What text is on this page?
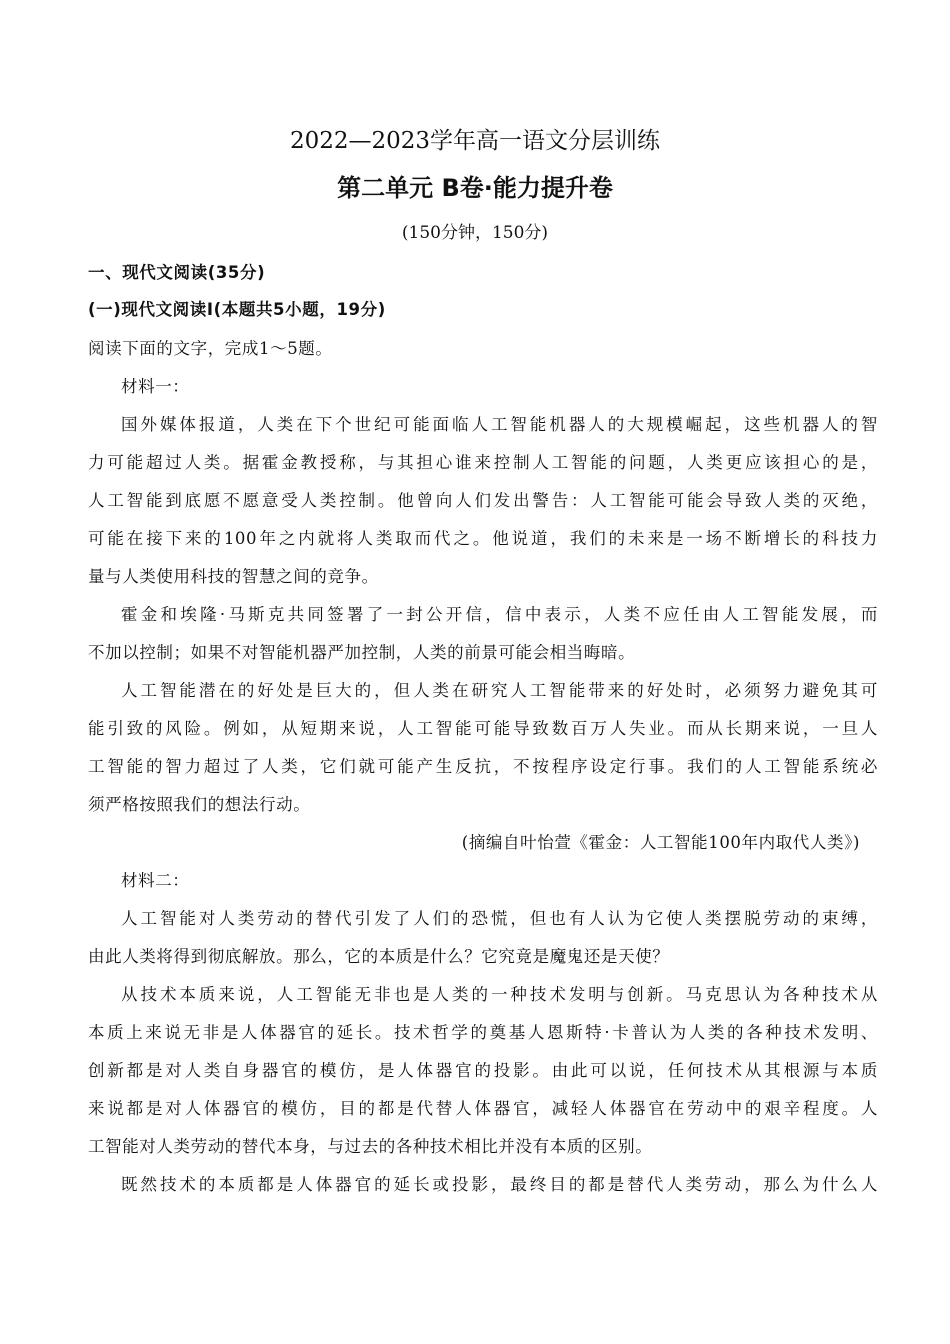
2022—2023学年高一语文分层训练
第二单元 B卷·能力提升卷
(150分钟，150分)
一、现代文阅读(35分)
(一)现代文阅读Ⅰ(本题共5小题，19分)
阅读下面的文字，完成1～5题。
材料一：
国外媒体报道，人类在下个世纪可能面临人工智能机器人的大规模崛起，这些机器人的智
力可能超过人类。据霍金教授称，与其担心谁来控制人工智能的问题，人类更应该担心的是，
人工智能到底愿不愿意受人类控制。他曾向人们发出警告：人工智能可能会导致人类的灭绝，
可能在接下来的100年之内就将人类取而代之。他说道，我们的未来是一场不断增长的科技力
量与人类使用科技的智慧之间的竞争。
霍金和埃隆·马斯克共同签署了一封公开信，信中表示，人类不应任由人工智能发展，而
不加以控制；如果不对智能机器严加控制，人类的前景可能会相当晦暗。
人工智能潜在的好处是巨大的，但人类在研究人工智能带来的好处时，必须努力避免其可
能引致的风险。例如，从短期来说，人工智能可能导致数百万人失业。而从长期来说，一旦人
工智能的智力超过了人类，它们就可能产生反抗，不按程序设定行事。我们的人工智能系统必
须严格按照我们的想法行动。
(摘编自叶怡萱《霍金：人工智能100年内取代人类》)
材料二：
人工智能对人类劳动的替代引发了人们的恐慌，但也有人认为它使人类摆脱劳动的束缚，
由此人类将得到彻底解放。那么，它的本质是什么？它究竟是魔鬼还是天使？
从技术本质来说，人工智能无非也是人类的一种技术发明与创新。马克思认为各种技术从
本质上来说无非是人体器官的延长。技术哲学的奠基人恩斯特·卡普认为人类的各种技术发明、
创新都是对人类自身器官的模仿，是人体器官的投影。由此可以说，任何技术从其根源与本质
来说都是对人体器官的模仿，目的都是代替人体器官，减轻人体器官在劳动中的艰辛程度。人
工智能对人类劳动的替代本身，与过去的各种技术相比并没有本质的区别。
既然技术的本质都是人体器官的延长或投影，最终目的都是替代人类劳动，那么为什么人
